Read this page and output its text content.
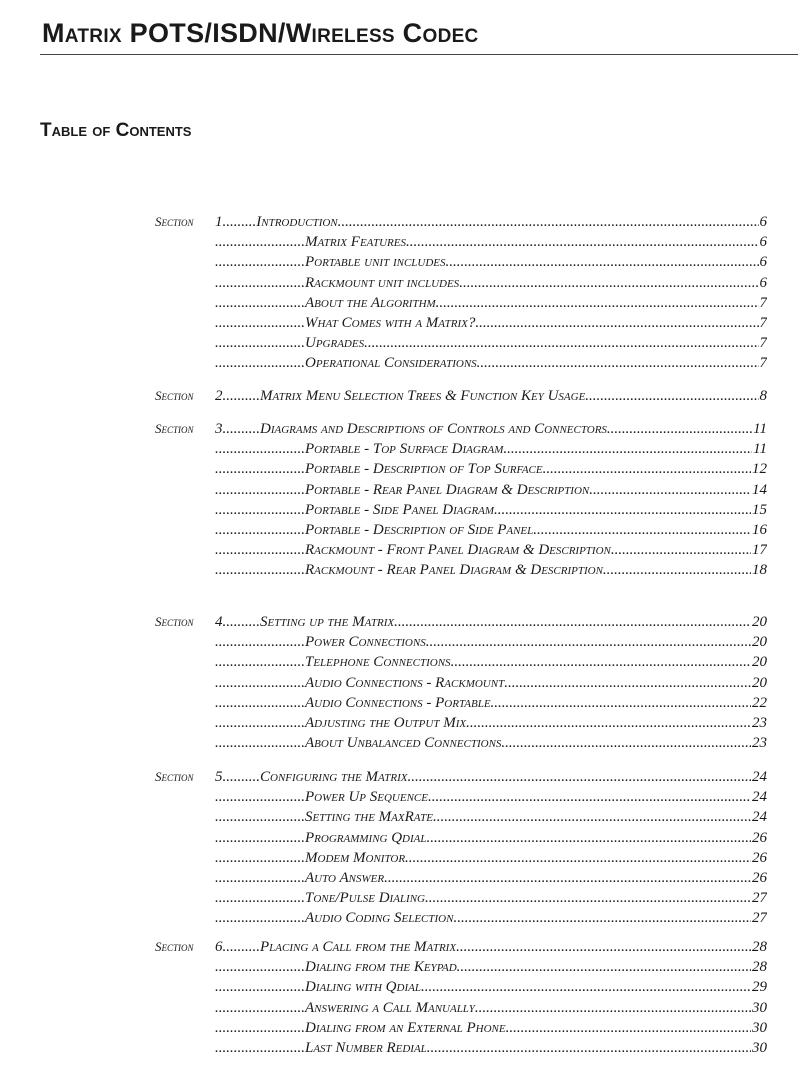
Matrix POTS/ISDN/Wireless Codec
Table of Contents
Section 1 ......... Introduction .....	6
........................ Matrix Features .....	6
........................ Portable unit includes .....	6
........................ Rackmount unit includes .....	6
........................ About the Algorithm .....	7
........................ What Comes with a Matrix? .....	7
........................ Upgrades .....	7
........................ Operational Considerations .....	7
Section 2 .......... Matrix Menu Selection Trees & Function Key Usage .....	8
Section 3 .......... Diagrams and Descriptions of Controls and Connectors .....	11
........................ Portable - Top Surface Diagram .....	11
........................ Portable - Description of Top Surface .....	12
........................ Portable - Rear Panel Diagram & Description .....	14
........................ Portable - Side Panel Diagram .....	15
........................ Portable - Description of Side Panel .....	16
........................ Rackmount - Front Panel Diagram & Description .....	17
........................ Rackmount - Rear Panel Diagram & Description .....	18
Section 4 .......... Setting up the Matrix .....	20
........................ Power Connections .....	20
........................ Telephone Connections .....	20
........................ Audio Connections - Rackmount .....	20
........................ Audio Connections - Portable .....	22
........................ Adjusting the Output Mix .....	23
........................ About Unbalanced Connections .....	23
Section 5 .......... Configuring the Matrix .....	24
........................ Power Up Sequence .....	24
........................ Setting the MaxRate .....	24
........................ Programming Qdial .....	26
........................ Modem Monitor .....	26
........................ Auto Answer .....	26
........................ Tone/Pulse Dialing .....	27
........................ Audio Coding Selection .....	27
Section 6 .......... Placing a Call from the Matrix .....	28
........................ Dialing from the Keypad .....	28
........................ Dialing with Qdial .....	29
........................ Answering a Call Manually .....	30
........................ Dialing from an External Phone .....	30
........................ Last Number Redial .....	30
